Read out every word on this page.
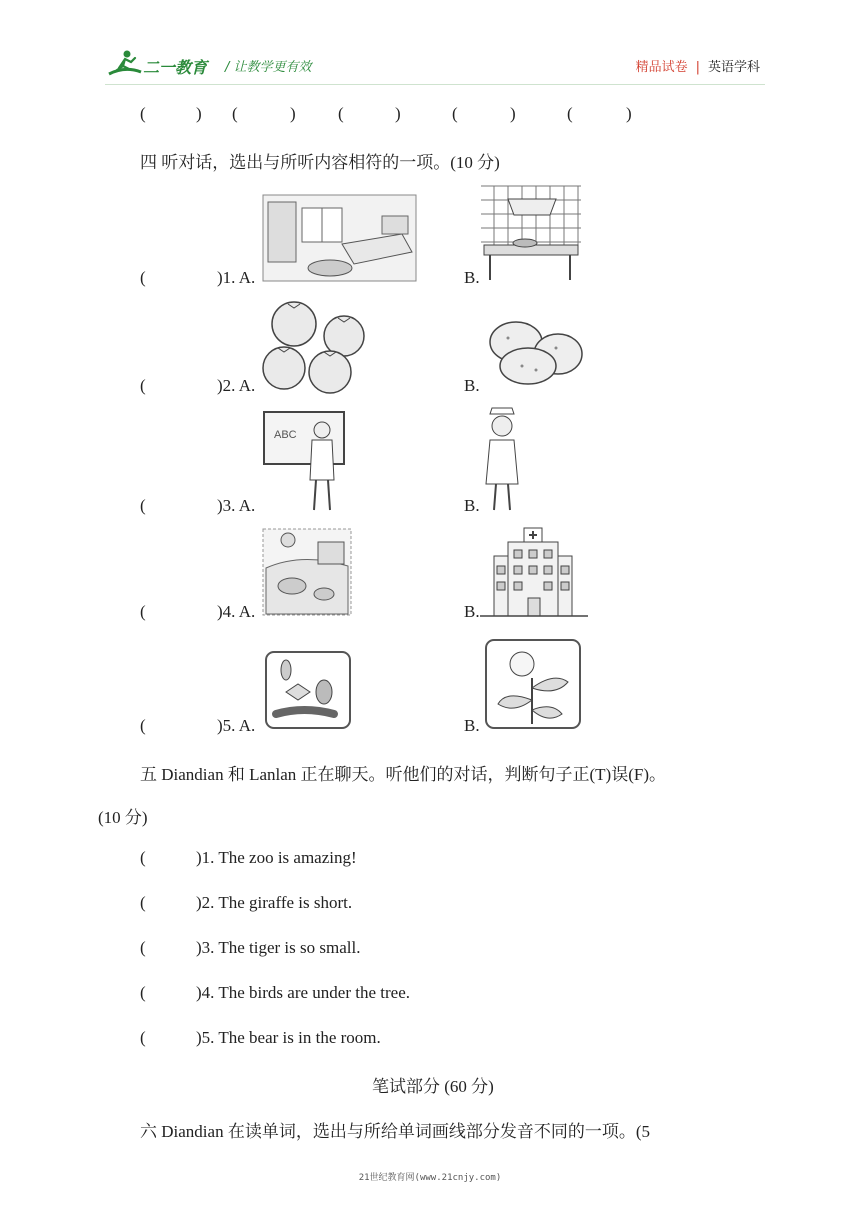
二一教育 / 让教学更有效	精品试卷 | 英语学科
(	) (	) (	)	(	)	(	)
四 听对话，选出与所听内容相符的一项。(10 分)
(	)1. A.	B.
(	)2. A.	B.
(	)3. A.
ABC
B.
(	)4. A.	B.
(	)5. A.	B.
五 Diandian 和 Lanlan 正在聊天。听他们的对话，判断句子正(T)误(F)。
(10 分)
(	)1. The zoo is amazing!
(	)2. The giraffe is short.
(	)3. The tiger is so small.
(	)4. The birds are under the tree.
(	)5. The bear is in the room.
笔试部分 (60 分)
六 Diandian 在读单词，选出与所给单词画线部分发音不同的一项。(5
21世纪教育网(www.21cnjy.com)
